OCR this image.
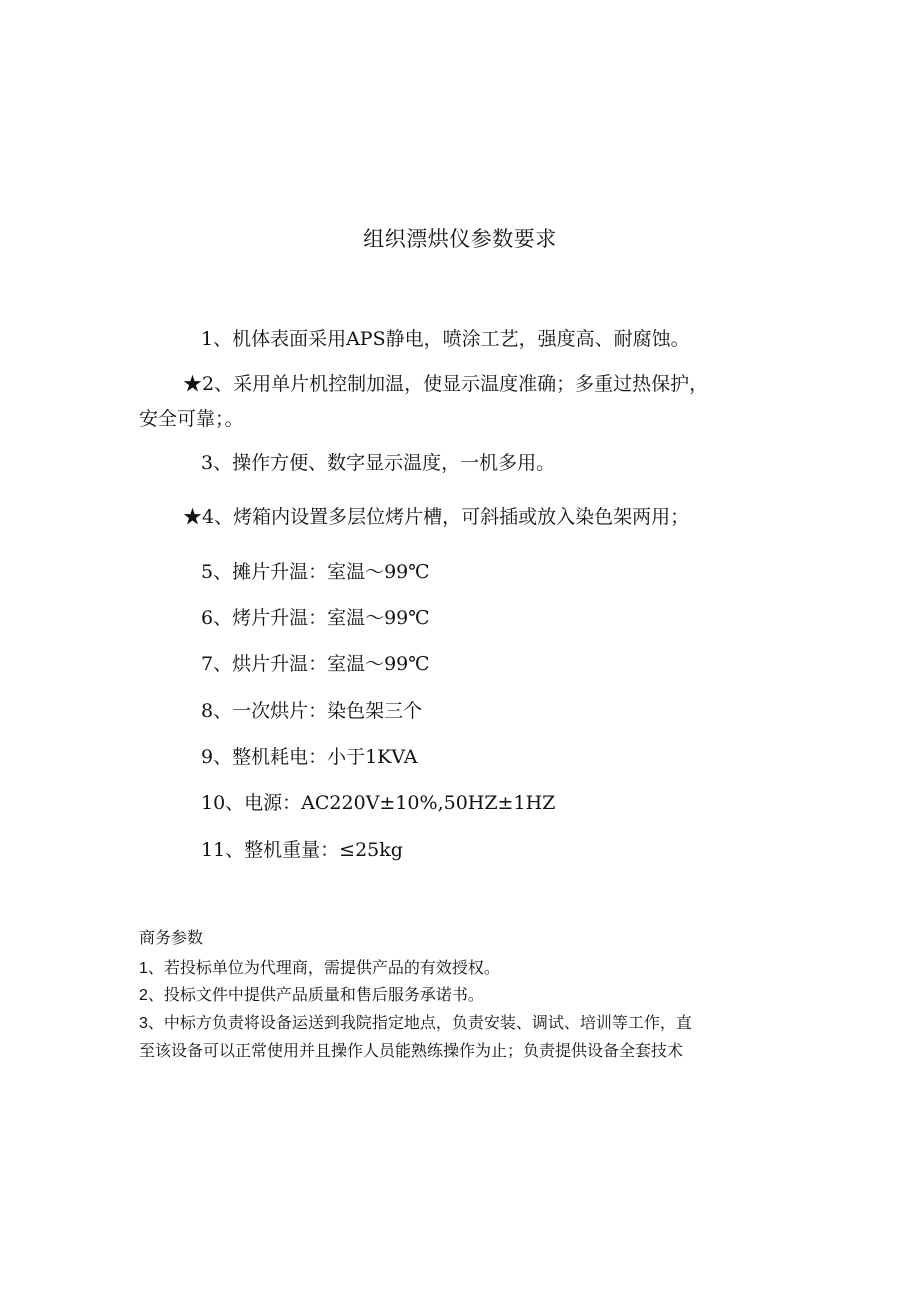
组织漂烘仪参数要求
1、机体表面采用APS静电，喷涂工艺，强度高、耐腐蚀。
★2、采用单片机控制加温，使显示温度准确；多重过热保护，
安全可靠；。
3、操作方便、数字显示温度，一机多用。
★4、烤箱内设置多层位烤片槽，可斜插或放入染色架两用；
5、摊片升温：室温～99℃
6、烤片升温：室温～99℃
7、烘片升温：室温～99℃
8、一次烘片：染色架三个
9、整机耗电：小于1KVA
10、电源：AC220V±10%,50HZ±1HZ
11、整机重量：≤25kg
商务参数
1、若投标单位为代理商，需提供产品的有效授权。
2、投标文件中提供产品质量和售后服务承诺书。
3、中标方负责将设备运送到我院指定地点，负责安装、调试、培训等工作，直
至该设备可以正常使用并且操作人员能熟练操作为止；负责提供设备全套技术
